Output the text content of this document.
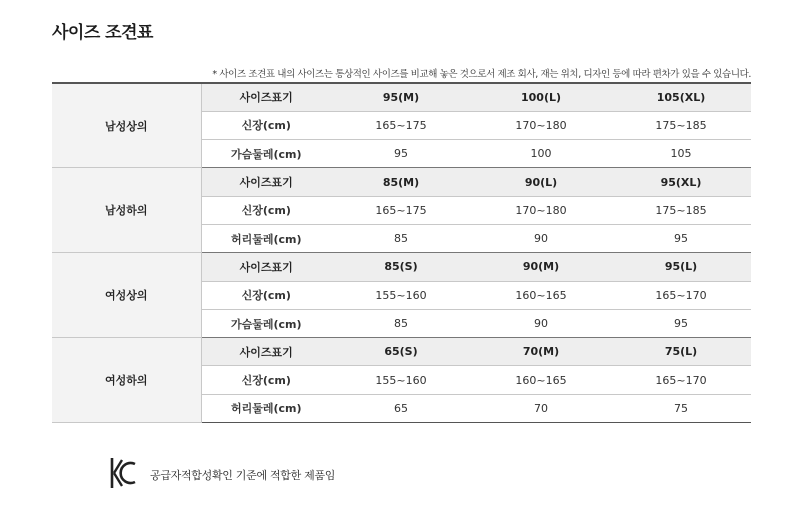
사이즈 조견표
* 사이즈 조견표 내의 사이즈는 통상적인 사이즈를 비교해 놓은 것으로서 제조 회사, 재는 위치, 디자인 등에 따라 편차가 있을 수 있습니다.
남성상의	사이즈표기	95(M)	100(L)	105(XL)
	신장(cm)	165~175	170~180	175~185
	가슴둘레(cm)	95	100	105
남성하의	사이즈표기	85(M)	90(L)	95(XL)
	신장(cm)	165~175	170~180	175~185
	허리둘레(cm)	85	90	95
여성상의	사이즈표기	85(S)	90(M)	95(L)
	신장(cm)	155~160	160~165	165~170
	가슴둘레(cm)	85	90	95
여성하의	사이즈표기	65(S)	70(M)	75(L)
	신장(cm)	155~160	160~165	165~170
	허리둘레(cm)	65	70	75
공급자적합성확인 기준에 적합한 제품임
